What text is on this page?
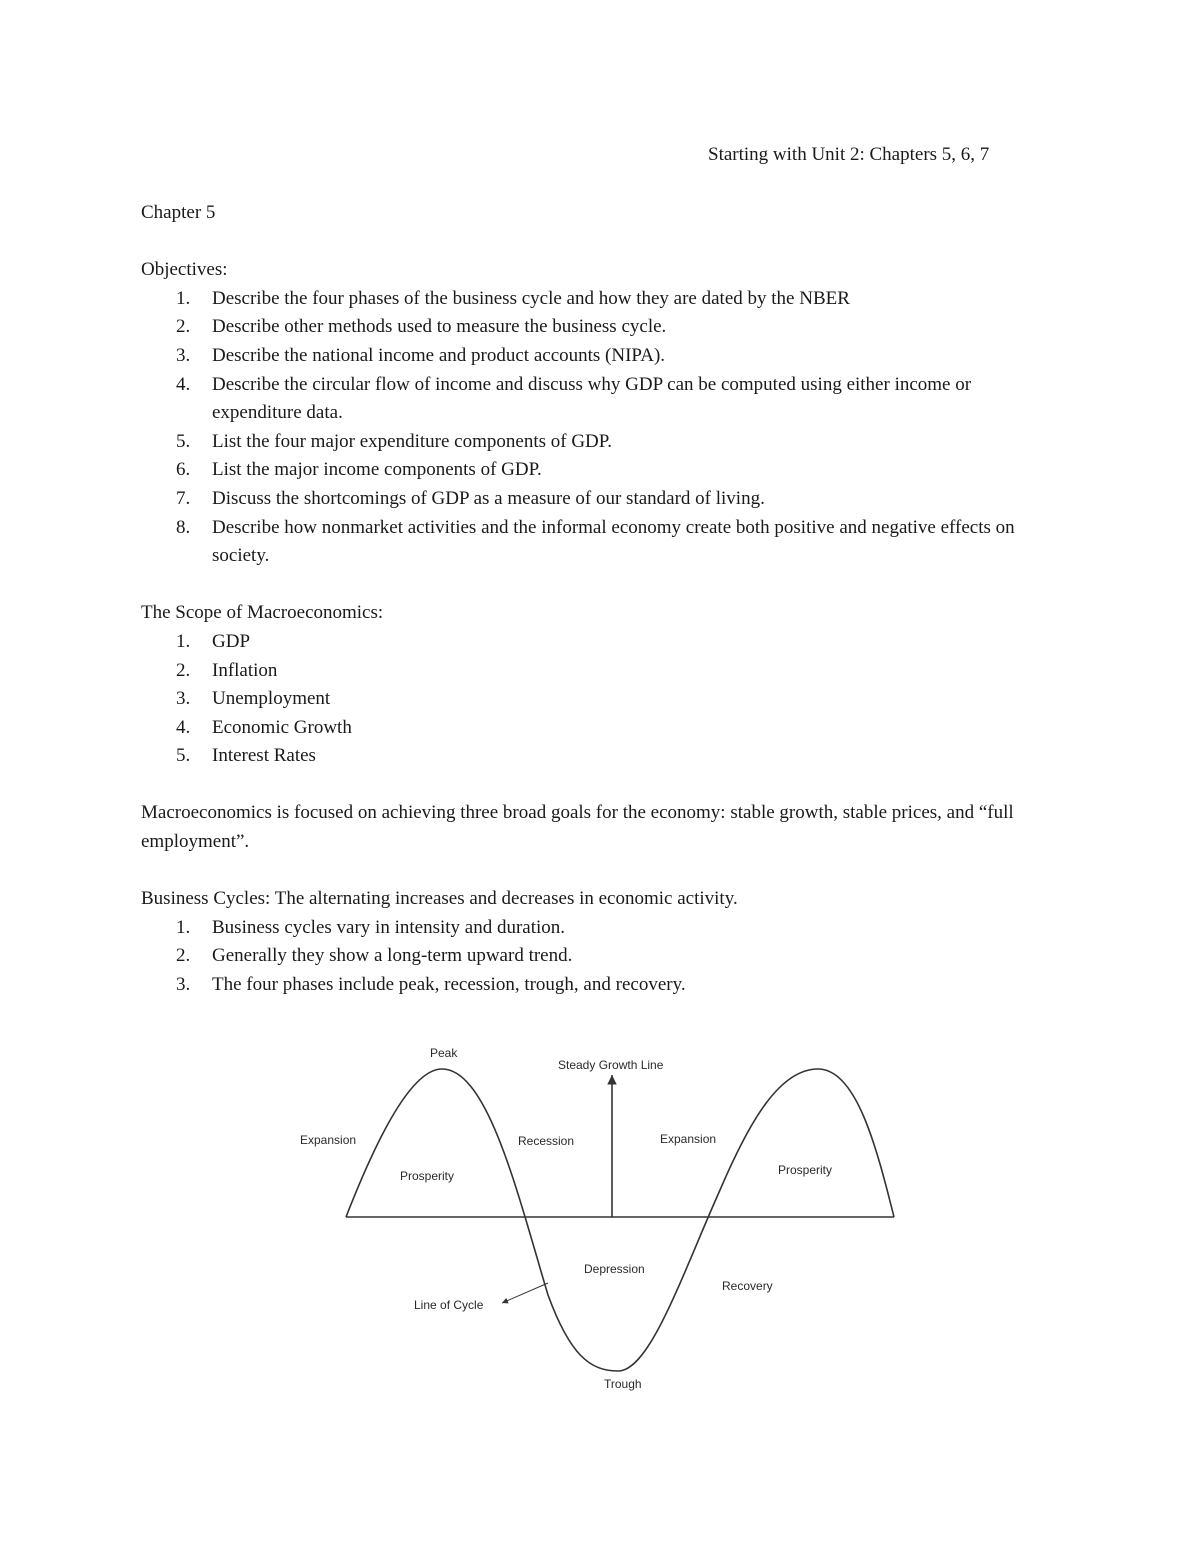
Starting with Unit 2: Chapters 5, 6, 7

Chapter 5

Objectives:

1. Describe the four phases of the business cycle and how they are dated by the NBER
2. Describe other methods used to measure the business cycle.
3. Describe the national income and product accounts (NIPA).
4. Describe the circular flow of income and discuss why GDP can be computed using either income or expenditure data.
5. List the four major expenditure components of GDP.
6. List the major income components of GDP.
7. Discuss the shortcomings of GDP as a measure of our standard of living.
8. Describe how nonmarket activities and the informal economy create both positive and negative effects on society.

The Scope of Macroeconomics:

1. GDP
2. Inflation
3. Unemployment
4. Economic Growth
5. Interest Rates

Macroeconomics is focused on achieving three broad goals for the economy: stable growth, stable prices, and “full employment”.

Business Cycles: The alternating increases and decreases in economic activity.

1. Business cycles vary in intensity and duration.
2. Generally they show a long-term upward trend.
3. The four phases include peak, recession, trough, and recovery.
Peak
Steady Growth Line
Expansion	Recession	Expansion
Prosperity	Prosperity
Depression
Recovery
Line of Cycle
Trough
